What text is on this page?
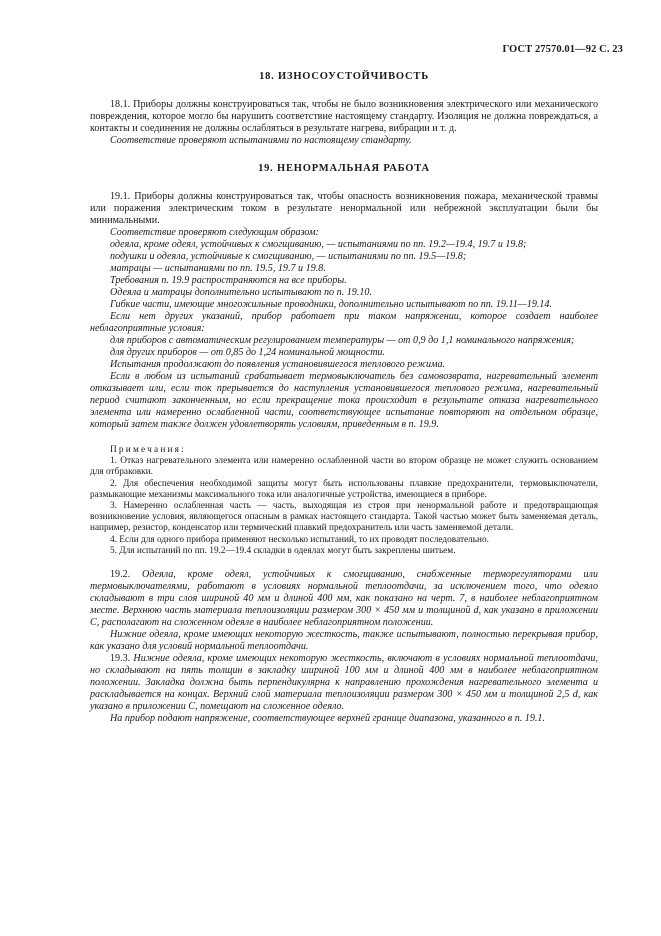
ГОСТ 27570.01—92 С. 23
18. ИЗНОСОУСТОЙЧИВОСТЬ

18.1. Приборы должны конструироваться так, чтобы не было возникновения электрического или механического повреждения, которое могло бы нарушить соответствие настоящему стандарту. Изоляция не должна повреждаться, а контакты и соединения не должны ослабляться в результате нагрева, вибрации и т. д.

Соответствие проверяют испытаниями по настоящему стандарту.

19. НЕНОРМАЛЬНАЯ РАБОТА

19.1. Приборы должны конструироваться так, чтобы опасность возникновения пожара, механической травмы или поражения электрическим током в результате ненормальной или небрежной эксплуатации были бы минимальными.

Соответствие проверяют следующим образом:

одеяла, кроме одеял, устойчивых к смогщиванию, — испытаниями по пп. 19.2—19.4, 19.7 и 19.8;

подушки и одеяла, устойчивые к смогщиванию, — испытаниями по пп. 19.5—19.8;

матрацы — испытаниями по пп. 19.5, 19.7 и 19.8.

Требования п. 19.9 распространяются на все приборы.

Одеяла и матрацы дополнительно испытывают по п. 19.10.

Гибкие части, имеющие многожильные проводники, дополнительно испытывают по пп. 19.11—19.14.

Если нет других указаний, прибор работает при таком напряжении, которое создает наиболее неблагоприятные условия:

для приборов с автоматическим регулированием температуры — от 0,9 до 1,1 номинального напряжения;

для других приборов — от 0,85 до 1,24 номинальной мощности.

Испытания продолжают до появления установившегося теплового режима.

Если в любом из испытаний срабатывает термовыключатель без самовозврата, нагревательный элемент отказывает или, если ток прерывается до наступления установившегося теплового режима, нагревательный период считают законченным, но если прекращение тока происходит в результате отказа нагревательного элемента или намеренно ослабленной части, соответствующее испытание повторяют на отдельном образце, который затем также должен удовлетворять условиям, приведенным в п. 19.9.

Примечания:

1. Отказ нагревательного элемента или намеренно ослабленной части во втором образце не может служить основанием для отбраковки.

2. Для обеспечения необходимой защиты могут быть использованы плавкие предохранители, термовыключатели, размыкающие механизмы максимального тока или аналогичные устройства, имеющиеся в приборе.

3. Намеренно ослабленная часть — часть, выходящая из строя при ненормальной работе и предотвращающая возникновение условия, являющегося опасным в рамках настоящего стандарта. Такой частью может быть заменяемая деталь, например, резистор, конденсатор или термический плавкий предохранитель или часть заменяемой детали.

4. Если для одного прибора применяют несколько испытаний, то их проводят последовательно.

5. Для испытаний по пп. 19.2—19.4 складки в одеялах могут быть закреплены шитьем.

19.2. Одеяла, кроме одеял, устойчивых к смогщиванию, снабженные терморегуляторами или термовыключателями, работают в условиях нормальной теплоотдачи, за исключением того, что одеяло складывают в три слоя шириной 40 мм и длиной 400 мм, как показано на черт. 7, в наиболее неблагоприятном месте. Верхнюю часть материала теплоизоляции размером 300 × 450 мм и толщиной d, как указано в приложении C, располагают на сложенном одеяле в наиболее неблагоприятном положении.

Нижние одеяла, кроме имеющих некоторую жесткость, также испытывают, полностью перекрывая прибор, как указано для условий нормальной теплоотдачи.

19.3. Нижние одеяла, кроме имеющих некоторую жесткость, включают в условиях нормальной теплоотдачи, но складывают на пять толщин в закладку шириной 100 мм и длиной 400 мм в наиболее неблагоприятном положении. Закладка должна быть перпендикулярна к направлению прохождения нагревательного элемента и раскладывается на концах. Верхний слой материала теплоизоляции размером 300 × 450 мм и толщиной 2,5 d, как указано в приложении C, помещают на сложенное одеяло.

На прибор подают напряжение, соответствующее верхней границе диапазона, указанного в п. 19.1.
